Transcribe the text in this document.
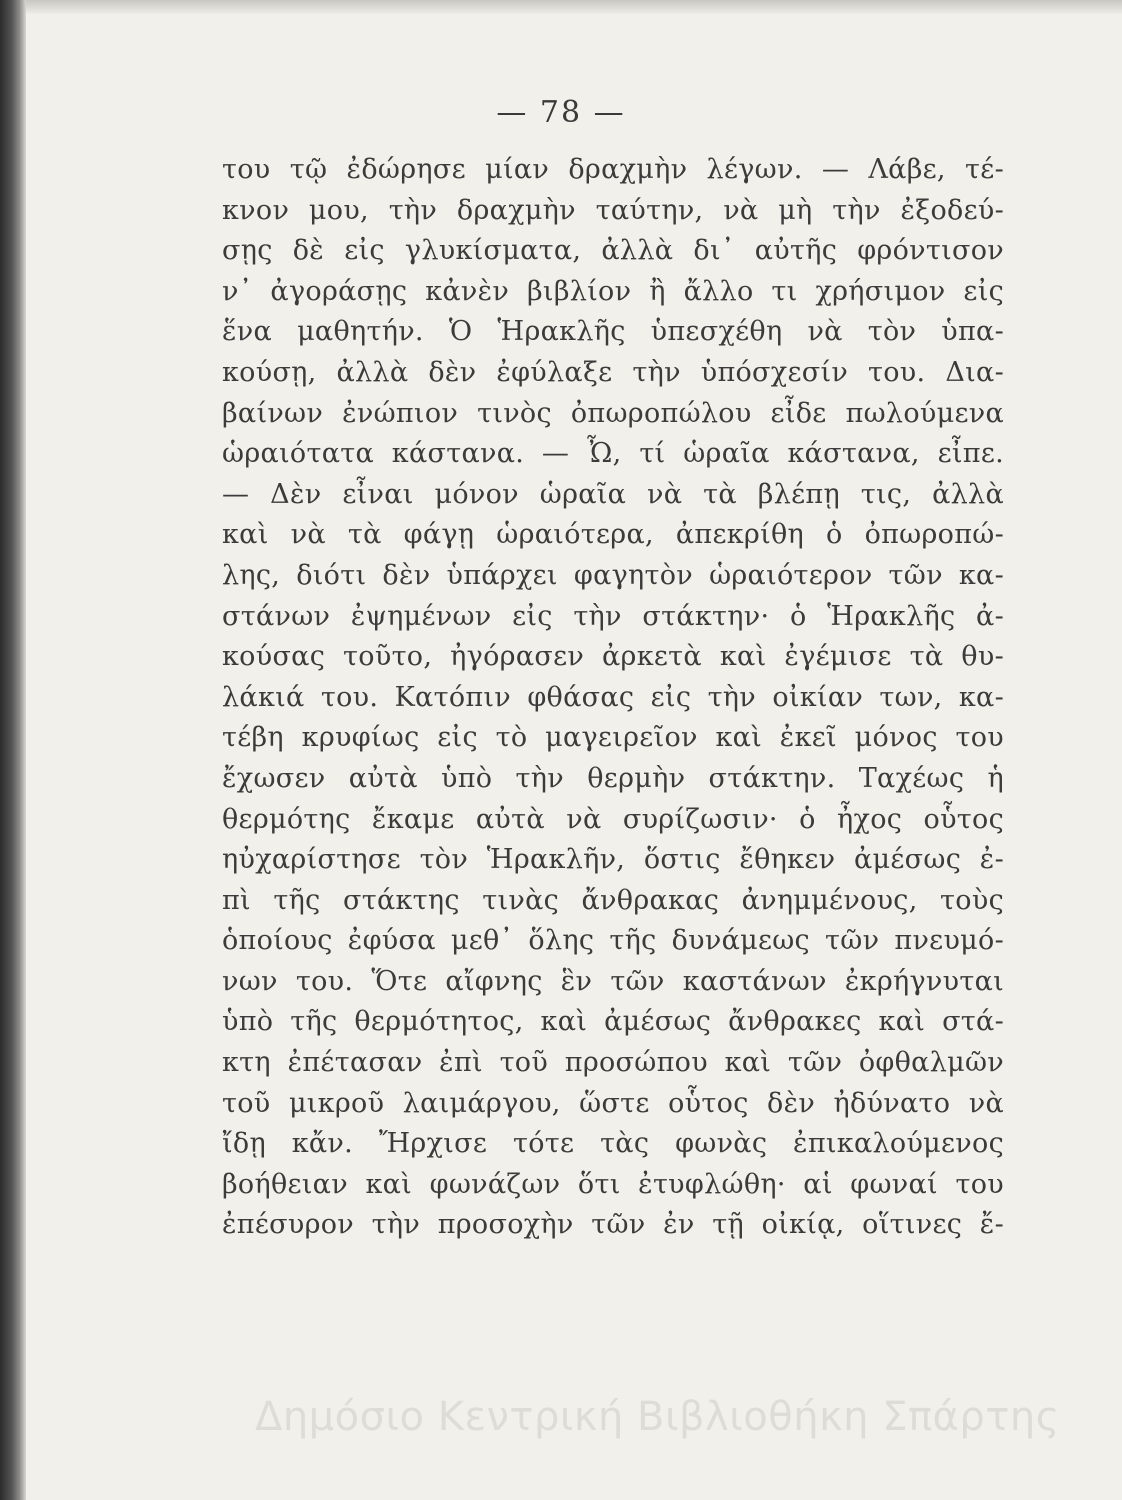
— 78 —
του τῷ ἐδώρησε μίαν δραχμὴν λέγων. — Λάβε, τέ-
κνον μου, τὴν δραχμὴν ταύτην, νὰ μὴ τὴν ἐξοδεύ-
σῃς δὲ εἰς γλυκίσματα, ἀλλὰ δι᾽ αὐτῆς φρόντισον
ν᾽ ἀγοράσῃς κἀνὲν βιβλίον ἢ ἄλλο τι χρήσιμον εἰς
ἕνα μαθητήν. Ὁ Ἡρακλῆς ὑπεσχέθη νὰ τὸν ὑπα-
κούσῃ, ἀλλὰ δὲν ἐφύλαξε τὴν ὑπόσχεσίν του. Δια-
βαίνων ἐνώπιον τινὸς ὀπωροπώλου εἶδε πωλούμενα
ὡραιότατα κάστανα. — Ὦ, τί ὡραῖα κάστανα, εἶπε.
— Δὲν εἶναι μόνον ὡραῖα νὰ τὰ βλέπῃ τις, ἀλλὰ
καὶ νὰ τὰ φάγῃ ὡραιότερα, ἀπεκρίθη ὁ ὀπωροπώ-
λης, διότι δὲν ὑπάρχει φαγητὸν ὡραιότερον τῶν κα-
στάνων ἐψημένων εἰς τὴν στάκτην· ὁ Ἡρακλῆς ἀ-
κούσας τοῦτο, ἠγόρασεν ἀρκετὰ καὶ ἐγέμισε τὰ θυ-
λάκιά του. Κατόπιν φθάσας εἰς τὴν οἰκίαν των, κα-
τέβη κρυφίως εἰς τὸ μαγειρεῖον καὶ ἐκεῖ μόνος του
ἔχωσεν αὐτὰ ὑπὸ τὴν θερμὴν στάκτην. Ταχέως ἡ
θερμότης ἔκαμε αὐτὰ νὰ συρίζωσιν· ὁ ἦχος οὗτος
ηὐχαρίστησε τὸν Ἡρακλῆν, ὅστις ἔθηκεν ἀμέσως ἐ-
πὶ τῆς στάκτης τινὰς ἄνθρακας ἀνημμένους, τοὺς
ὁποίους ἐφύσα μεθ᾽ ὅλης τῆς δυνάμεως τῶν πνευμό-
νων του. Ὅτε αἴφνης ἓν τῶν καστάνων ἐκρήγνυται
ὑπὸ τῆς θερμότητος, καὶ ἀμέσως ἄνθρακες καὶ στά-
κτη ἐπέτασαν ἐπὶ τοῦ προσώπου καὶ τῶν ὀφθαλμῶν
τοῦ μικροῦ λαιμάργου, ὥστε οὗτος δὲν ἠδύνατο νὰ
ἴδῃ κἄν. Ἤρχισε τότε τὰς φωνὰς ἐπικαλούμενος
βοήθειαν καὶ φωνάζων ὅτι ἐτυφλώθη· αἱ φωναί του
ἐπέσυρον τὴν προσοχὴν τῶν ἐν τῇ οἰκίᾳ, οἵτινες ἔ-
Δημόσιο Κεντρική Βιβλιοθήκη Σπάρτης
